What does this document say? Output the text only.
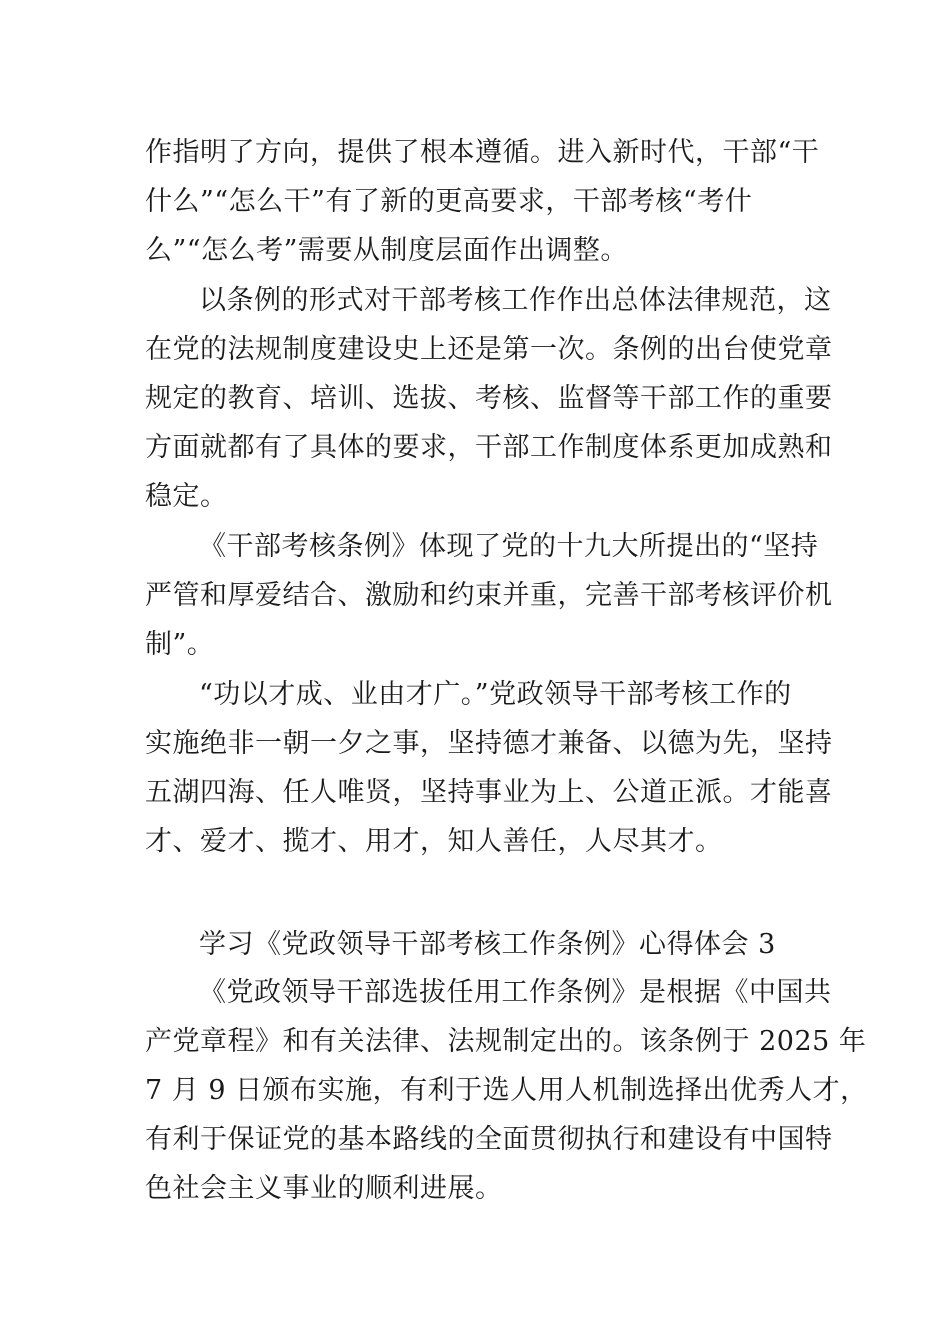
作指明了方向，提供了根本遵循。进入新时代，干部“干
什么”“怎么干”有了新的更高要求，干部考核“考什
么”“怎么考”需要从制度层面作出调整。
以条例的形式对干部考核工作作出总体法律规范，这
在党的法规制度建设史上还是第一次。条例的出台使党章
规定的教育、培训、选拔、考核、监督等干部工作的重要
方面就都有了具体的要求，干部工作制度体系更加成熟和
稳定。
《干部考核条例》体现了党的十九大所提出的“坚持
严管和厚爱结合、激励和约束并重，完善干部考核评价机
制”。
“功以才成、业由才广。”党政领导干部考核工作的
实施绝非一朝一夕之事，坚持德才兼备、以德为先，坚持
五湖四海、任人唯贤，坚持事业为上、公道正派。才能喜
才、爱才、揽才、用才，知人善任，人尽其才。
学习《党政领导干部考核工作条例》心得体会 3
《党政领导干部选拔任用工作条例》是根据《中国共
产党章程》和有关法律、法规制定出的。该条例于 2025 年
7 月 9 日颁布实施，有利于选人用人机制选择出优秀人才，
有利于保证党的基本路线的全面贯彻执行和建设有中国特
色社会主义事业的顺利进展。
